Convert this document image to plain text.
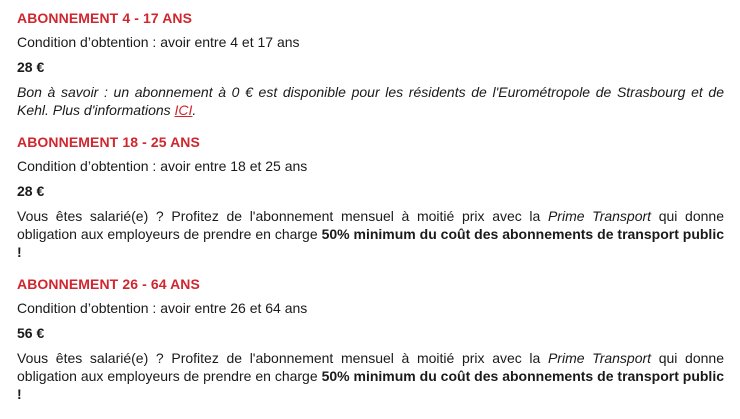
ABONNEMENT 4 - 17 ANS
Condition d’obtention : avoir entre 4 et 17 ans
28 €

Bon à savoir : un abonnement à 0 € est disponible pour les résidents de l'Eurométropole de Strasbourg et de Kehl. Plus d'informations ICI.

ABONNEMENT 18 - 25 ANS
Condition d’obtention : avoir entre 18 et 25 ans
28 €

Vous êtes salarié(e) ? Profitez de l'abonnement mensuel à moitié prix avec la Prime Transport qui donne obligation aux employeurs de prendre en charge 50% minimum du coût des abonnements de transport public !

ABONNEMENT 26 - 64 ANS
Condition d’obtention : avoir entre 26 et 64 ans
56 €

Vous êtes salarié(e) ? Profitez de l'abonnement mensuel à moitié prix avec la Prime Transport qui donne obligation aux employeurs de prendre en charge 50% minimum du coût des abonnements de transport public !
